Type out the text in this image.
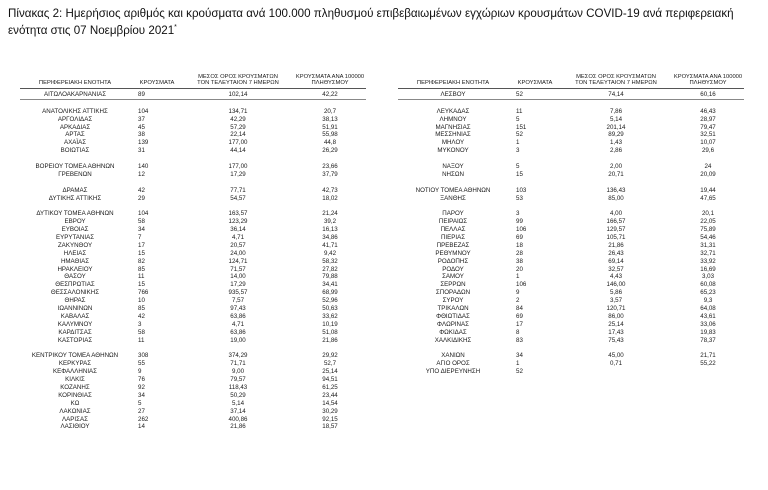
Πίνακας 2: Ημερήσιος αριθμός και κρούσματα ανά 100.000 πληθυσμού επιβεβαιωμένων εγχώριων κρουσμάτων COVID-19 ανά περιφερειακή ενότητα στις 07 Νοεμβρίου 2021*
ΠΕΡΙΦΕΡΕΙΑΚΗ ΕΝΟΤΗΤΑ	ΚΡΟΥΣΜΑΤΑ
ΜΕΣΟΣ ΟΡΟΣ ΚΡΟΥΣΜΑΤΩΝ
ΤΟΝ ΤΕΛΕΥΤΑΙΟΝ 7 ΗΜΕΡΩΝ
ΚΡΟΥΣΜΑΤΑ ΑΝΑ 100000
ΠΛΗΘΥΣΜΟΥ
ΑΙΤΩΛΟΑΚΑΡΝΑΝΙΑΣ	89	102,14	42,22
ΑΝΑΤΟΛΙΚΗΣ ΑΤΤΙΚΗΣ	104	134,71	20,7
ΑΡΓΟΛΙΔΑΣ	37	42,29	38,13
ΑΡΚΑΔΙΑΣ	45	57,29	51,91
ΑΡΤΑΣ	38	22,14	55,98
ΑΧΑΪΑΣ	139	177,00	44,8
ΒΟΙΩΤΙΑΣ	31	44,14	26,29
ΒΟΡΕΙΟΥ ΤΟΜΕΑ ΑΘΗΝΩΝ	140	177,00	23,66
ΓΡΕΒΕΝΩΝ	12	17,29	37,79
ΔΡΑΜΑΣ	42	77,71	42,73
ΔΥΤΙΚΗΣ ΑΤΤΙΚΗΣ	29	54,57	18,02
ΔΥΤΙΚΟΥ ΤΟΜΕΑ ΑΘΗΝΩΝ	104	163,57	21,24
ΕΒΡΟΥ	58	123,29	39,2
ΕΥΒΟΙΑΣ	34	36,14	16,13
ΕΥΡΥΤΑΝΙΑΣ	7	4,71	34,86
ΖΑΚΥΝΘΟΥ	17	20,57	41,71
ΗΛΕΙΑΣ	15	24,00	9,42
ΗΜΑΘΙΑΣ	82	124,71	58,32
ΗΡΑΚΛΕΙΟΥ	85	71,57	27,82
ΘΑΣΟΥ	11	14,00	79,88
ΘΕΣΠΡΩΤΙΑΣ	15	17,29	34,41
ΘΕΣΣΑΛΟΝΙΚΗΣ	766	935,57	68,99
ΘΗΡΑΣ	10	7,57	52,96
ΙΩΑΝΝΙΝΩΝ	85	97,43	50,63
ΚΑΒΑΛΑΣ	42	63,86	33,62
ΚΑΛΥΜΝΟΥ	3	4,71	10,19
ΚΑΡΔΙΤΣΑΣ	58	63,86	51,08
ΚΑΣΤΟΡΙΑΣ	11	19,00	21,86
ΚΕΝΤΡΙΚΟΥ ΤΟΜΕΑ ΑΘΗΝΩΝ	308	374,29	29,92
ΚΕΡΚΥΡΑΣ	55	71,71	52,7
ΚΕΦΑΛΛΗΝΙΑΣ	9	9,00	25,14
ΚΙΛΚΙΣ	76	79,57	94,51
ΚΟΖΑΝΗΣ	92	118,43	61,25
ΚΟΡΙΝΘΙΑΣ	34	50,29	23,44
ΚΩ	5	5,14	14,54
ΛΑΚΩΝΙΑΣ	27	37,14	30,29
ΛΑΡΙΣΑΣ	262	400,86	92,15
ΛΑΣΙΘΙΟΥ	14	21,86	18,57
ΠΕΡΙΦΕΡΕΙΑΚΗ ΕΝΟΤΗΤΑ	ΚΡΟΥΣΜΑΤΑ
ΜΕΣΟΣ ΟΡΟΣ ΚΡΟΥΣΜΑΤΩΝ
ΤΟΝ ΤΕΛΕΥΤΑΙΟΝ 7 ΗΜΕΡΩΝ
ΚΡΟΥΣΜΑΤΑ ΑΝΑ 100000
ΠΛΗΘΥΣΜΟΥ
ΛΕΣΒΟΥ	52	74,14	60,16
ΛΕΥΚΑΔΑΣ	11	7,86	46,43
ΛΗΜΝΟΥ	5	5,14	28,97
ΜΑΓΝΗΣΙΑΣ	151	201,14	79,47
ΜΕΣΣΗΝΙΑΣ	52	89,29	32,51
ΜΗΛΟΥ	1	1,43	10,07
ΜΥΚΟΝΟΥ	3	2,86	29,6
ΝΑΞΟΥ	5	2,00	24
ΝΗΣΩΝ	15	20,71	20,09
ΝΟΤΙΟΥ ΤΟΜΕΑ ΑΘΗΝΩΝ	103	136,43	19,44
ΞΑΝΘΗΣ	53	85,00	47,65
ΠΑΡΟΥ	3	4,00	20,1
ΠΕΙΡΑΙΩΣ	99	166,57	22,05
ΠΕΛΛΑΣ	106	129,57	75,89
ΠΙΕΡΙΑΣ	69	105,71	54,46
ΠΡΕΒΕΖΑΣ	18	21,86	31,31
ΡΕΘΥΜΝΟΥ	28	26,43	32,71
ΡΟΔΟΠΗΣ	38	69,14	33,92
ΡΟΔΟΥ	20	32,57	16,69
ΣΑΜΟΥ	1	4,43	3,03
ΣΕΡΡΩΝ	106	146,00	60,08
ΣΠΟΡΑΔΩΝ	9	5,86	65,23
ΣΥΡΟΥ	2	3,57	9,3
ΤΡΙΚΑΛΩΝ	84	120,71	64,08
ΦΘΙΩΤΙΔΑΣ	69	86,00	43,61
ΦΛΩΡΙΝΑΣ	17	25,14	33,06
ΦΩΚΙΔΑΣ	8	17,43	19,83
ΧΑΛΚΙΔΙΚΗΣ	83	75,43	78,37
ΧΑΝΙΩΝ	34	45,00	21,71
ΑΓΙΟ ΟΡΟΣ	1	0,71	55,22
ΥΠΟ ΔΙΕΡΕΥΝΗΣΗ	52
